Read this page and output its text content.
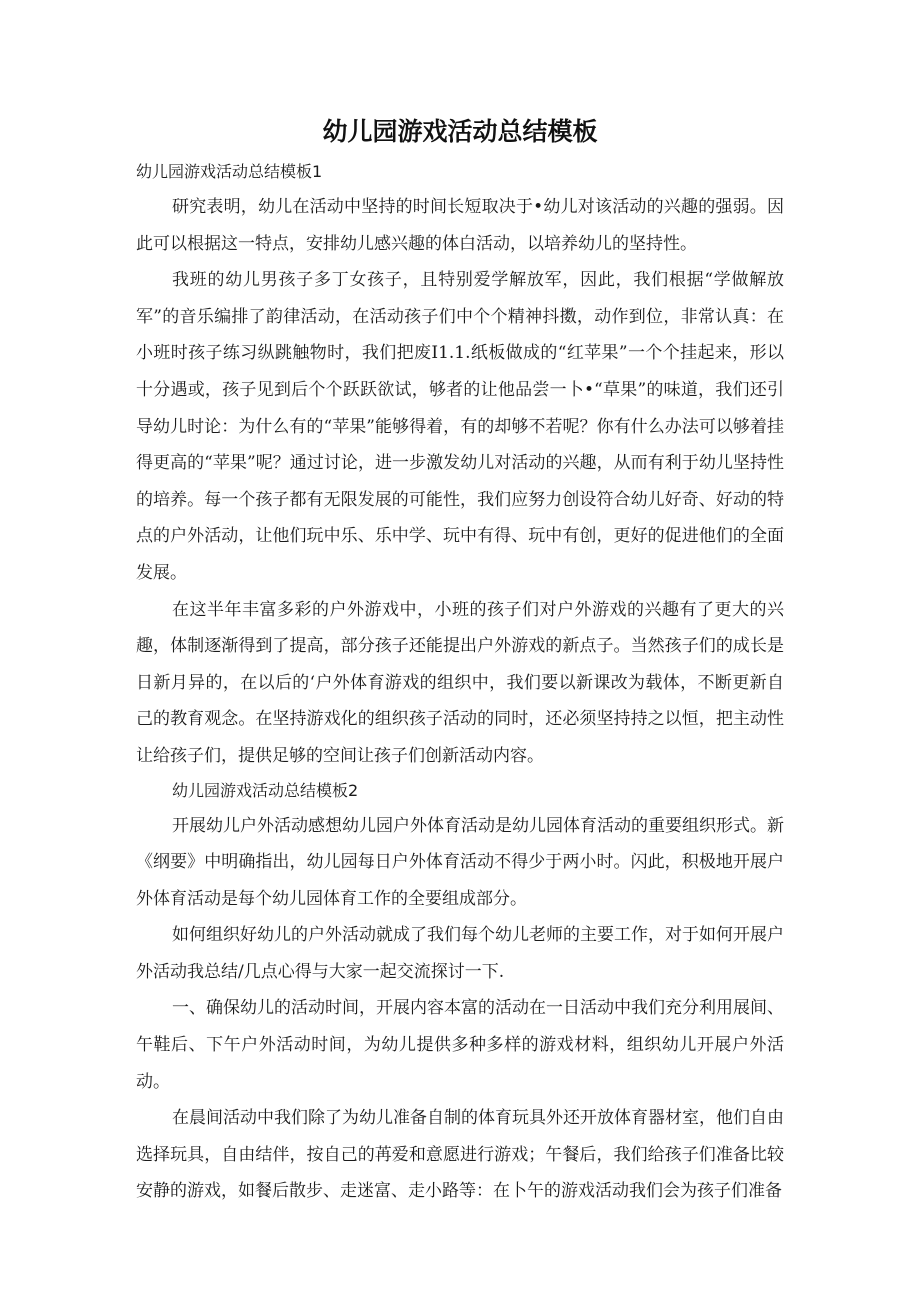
幼儿园游戏活动总结模板
幼儿园游戏活动总结模板1

研究表明，幼儿在活动中坚持的时间长短取决于•幼儿对该活动的兴趣的强弱。因此可以根据这一特点，安排幼儿感兴趣的体白活动，以培养幼儿的坚持性。

我班的幼儿男孩子多丁女孩子，且特别爱学解放军，因此，我们根据“学做解放军”的音乐编排了韵律活动，在活动孩子们中个个精神抖擞，动作到位，非常认真：在小班时孩子练习纵跳触物时，我们把废I1.1.纸板做成的“红苹果”一个个挂起来，形以十分遇或，孩子见到后个个跃跃欲试，够者的让他品尝一卜•“草果”的味道，我们还引导幼儿时论：为什么有的“苹果”能够得着，有的却够不若呢？你有什么办法可以够着挂得更高的“苹果”呢？通过讨论，进一步激发幼儿对活动的兴趣，从而有利于幼儿坚持性的培养。每一个孩子都有无限发展的可能性，我们应努力创设符合幼儿好奇、好动的特点的户外活动，让他们玩中乐、乐中学、玩中有得、玩中有创，更好的促进他们的全面发展。

在这半年丰富多彩的户外游戏中，小班的孩子们对户外游戏的兴趣有了更大的兴趣，体制逐渐得到了提高，部分孩子还能提出户外游戏的新点子。当然孩子们的成长是日新月异的，在以后的‘户外体育游戏的组织中，我们要以新课改为载体，不断更新自己的教育观念。在坚持游戏化的组织孩子活动的同时，还必须坚持持之以恒，把主动性让给孩子们，提供足够的空间让孩子们创新活动内容。

幼儿园游戏活动总结模板2

开展幼儿户外活动感想幼儿园户外体育活动是幼儿园体育活动的重要组织形式。新《纲要》中明确指出，幼儿园每日户外体育活动不得少于两小时。闪此，积极地开展户外体育活动是每个幼儿园体育工作的全要组成部分。

如何组织好幼儿的户外活动就成了我们每个幼儿老师的主要工作，对于如何开展户外活动我总结/几点心得与大家一起交流探讨一下.

一、确保幼儿的活动时间，开展内容本富的活动在一日活动中我们充分利用展间、午鞋后、下午户外活动时间，为幼儿提供多种多样的游戏材料，组织幼儿开展户外活动。

在晨间活动中我们除了为幼儿准备自制的体育玩具外还开放体育器材室，他们自由选择玩具，自由结伴，按自己的苒爱和意愿进行游戏；午餐后，我们给孩子们准备比较安静的游戏，如餐后散步、走迷富、走小路等：在卜午的游戏活动我们会为孩子们准备
